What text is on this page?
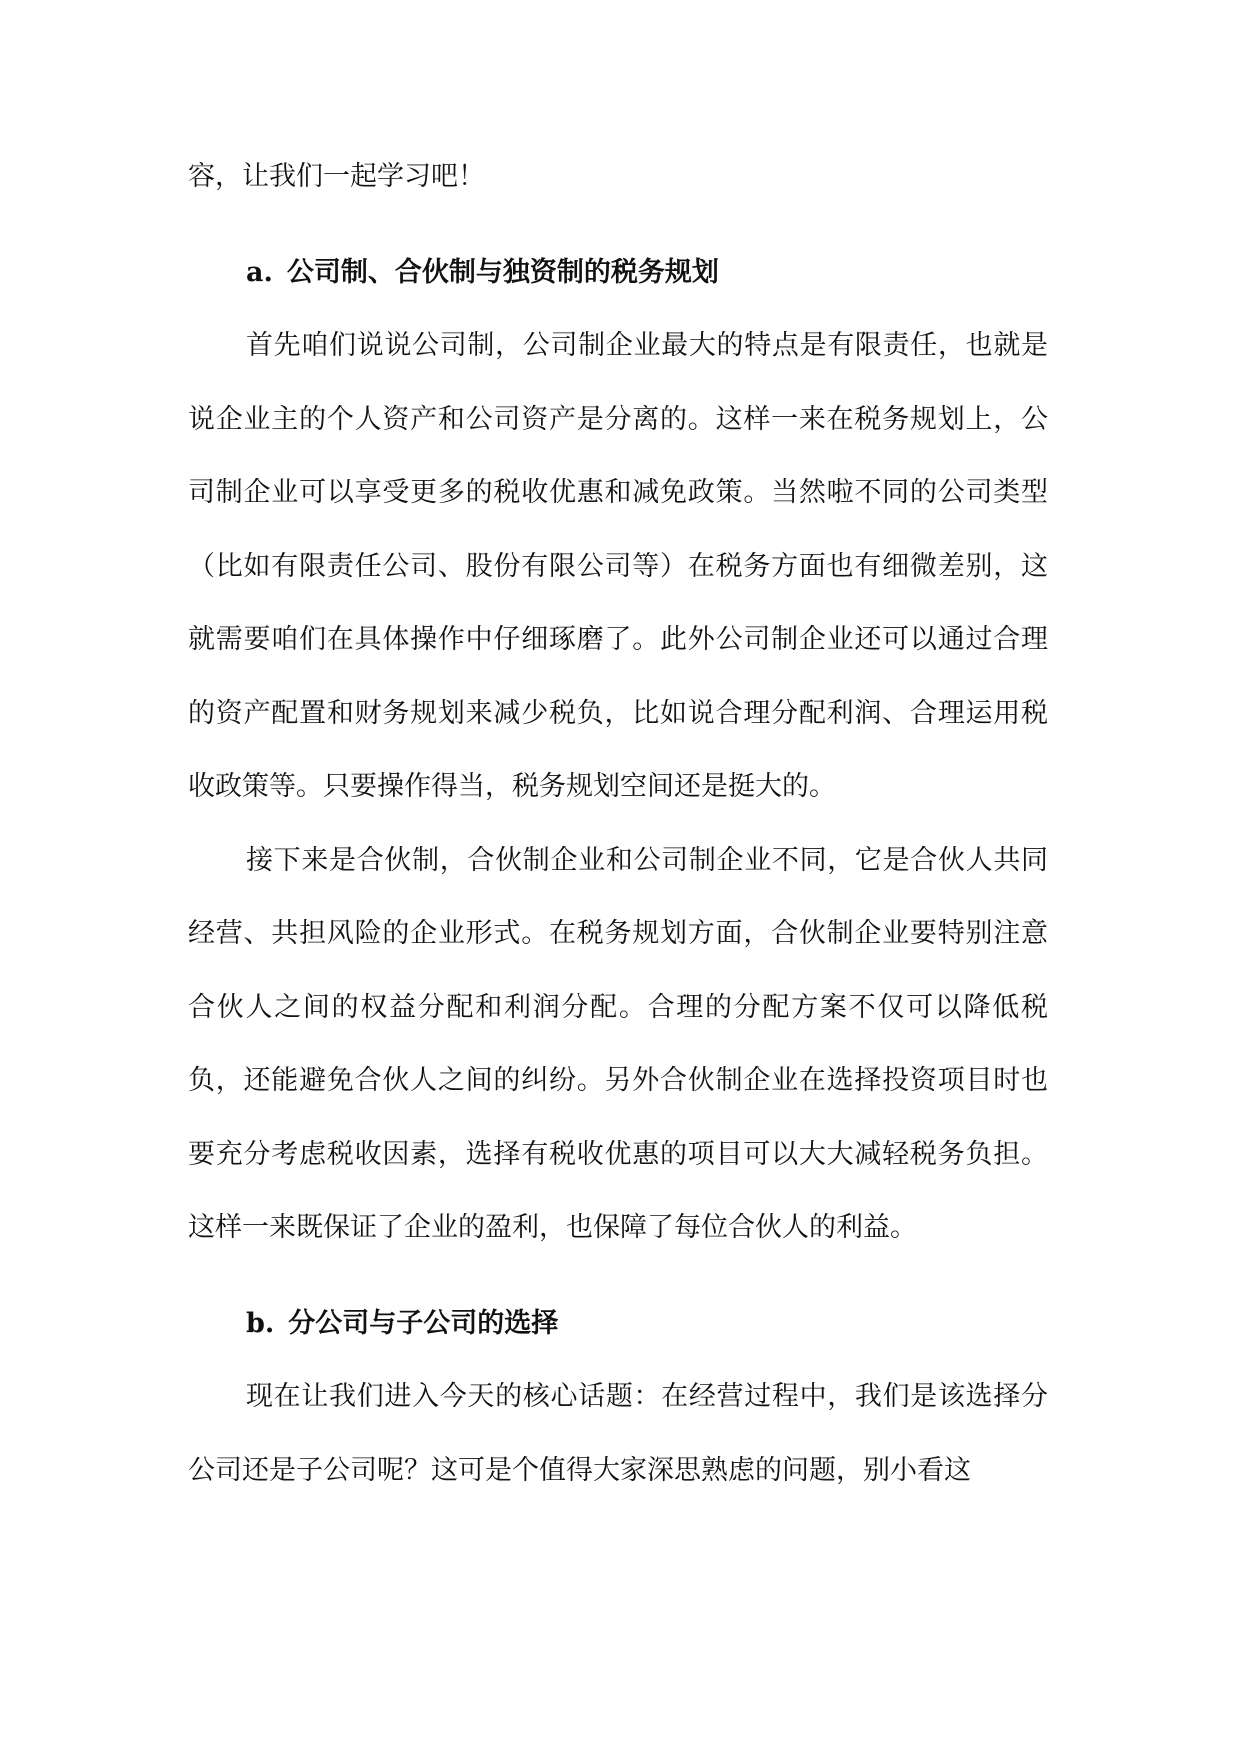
容，让我们一起学习吧！

a. 公司制、合伙制与独资制的税务规划

首先咱们说说公司制，公司制企业最大的特点是有限责任，也就是说企业主的个人资产和公司资产是分离的。这样一来在税务规划上，公司制企业可以享受更多的税收优惠和减免政策。当然啦不同的公司类型（比如有限责任公司、股份有限公司等）在税务方面也有细微差别，这就需要咱们在具体操作中仔细琢磨了。此外公司制企业还可以通过合理的资产配置和财务规划来减少税负，比如说合理分配利润、合理运用税收政策等。只要操作得当，税务规划空间还是挺大的。

接下来是合伙制，合伙制企业和公司制企业不同，它是合伙人共同经营、共担风险的企业形式。在税务规划方面，合伙制企业要特别注意合伙人之间的权益分配和利润分配。合理的分配方案不仅可以降低税负，还能避免合伙人之间的纠纷。另外合伙制企业在选择投资项目时也要充分考虑税收因素，选择有税收优惠的项目可以大大减轻税务负担。这样一来既保证了企业的盈利，也保障了每位合伙人的利益。

b. 分公司与子公司的选择

现在让我们进入今天的核心话题：在经营过程中，我们是该选择分公司还是子公司呢？这可是个值得大家深思熟虑的问题，别小看这
